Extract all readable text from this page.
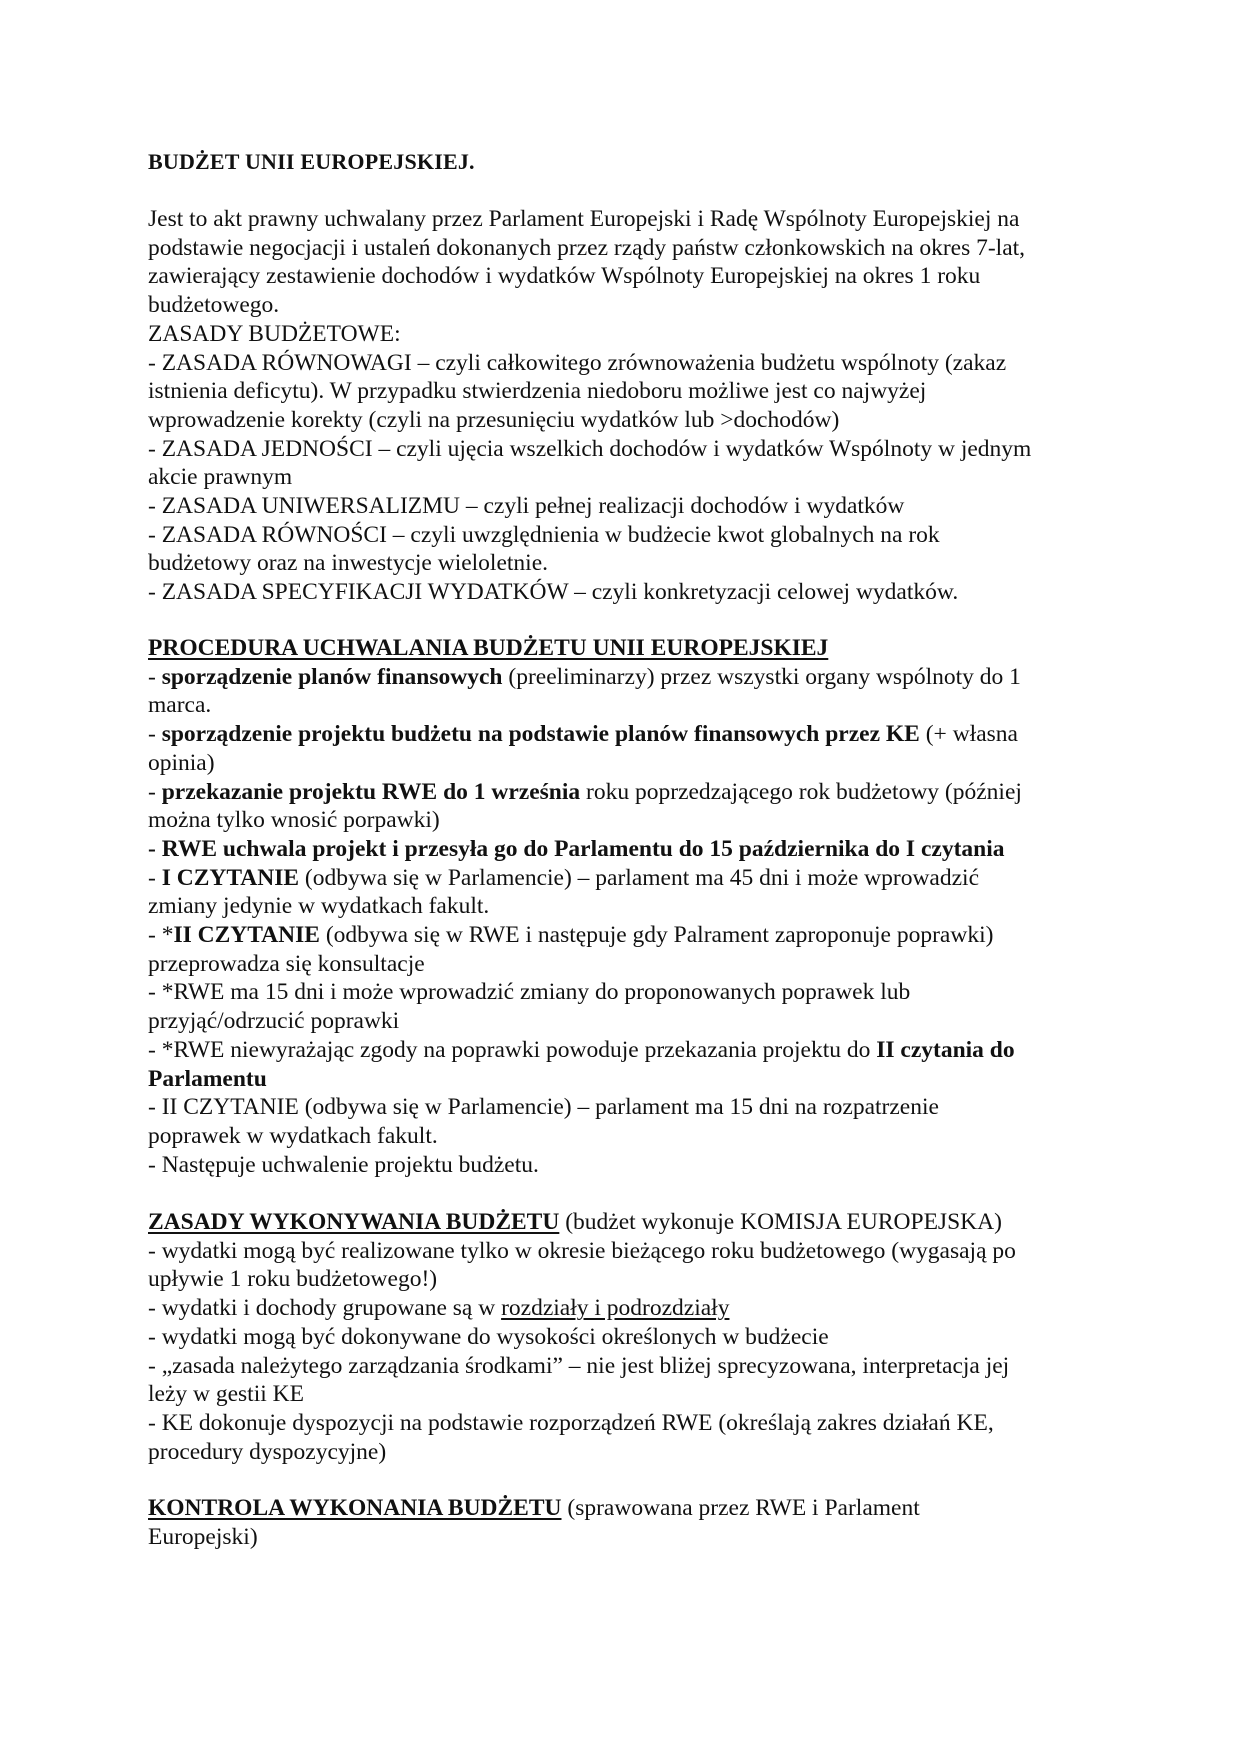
BUDŻET UNII EUROPEJSKIEJ.
Jest to akt prawny uchwalany przez Parlament Europejski i Radę Wspólnoty Europejskiej na
podstawie negocjacji i ustaleń dokonanych przez rządy państw członkowskich na okres 7-lat,
zawierający zestawienie dochodów i wydatków Wspólnoty Europejskiej na okres 1 roku
budżetowego.
ZASADY BUDŻETOWE:
- ZASADA RÓWNOWAGI – czyli całkowitego zrównoważenia budżetu wspólnoty (zakaz
istnienia deficytu). W przypadku stwierdzenia niedoboru możliwe jest co najwyżej
wprowadzenie korekty (czyli na przesunięciu wydatków lub >dochodów)
- ZASADA JEDNOŚCI – czyli ujęcia wszelkich dochodów i wydatków Wspólnoty w jednym
akcie prawnym
- ZASADA UNIWERSALIZMU – czyli pełnej realizacji dochodów i wydatków
- ZASADA RÓWNOŚCI – czyli uwzględnienia w budżecie kwot globalnych na rok
budżetowy oraz na inwestycje wieloletnie.
- ZASADA SPECYFIKACJI WYDATKÓW – czyli konkretyzacji celowej wydatków.
PROCEDURA UCHWALANIA BUDŻETU UNII EUROPEJSKIEJ
- sporządzenie planów finansowych (preeliminarzy) przez wszystki organy wspólnoty do 1
marca.
- sporządzenie projektu budżetu na podstawie planów finansowych przez KE (+ własna
opinia)
- przekazanie projektu RWE do 1 września roku poprzedzającego rok budżetowy (później
można tylko wnosić porpawki)
- RWE uchwala projekt i przesyła go do Parlamentu do 15 października do I czytania
- I CZYTANIE (odbywa się w Parlamencie) – parlament ma 45 dni i może wprowadzić
zmiany jedynie w wydatkach fakult.
- *II CZYTANIE (odbywa się w RWE i następuje gdy Palrament zaproponuje poprawki)
przeprowadza się konsultacje
- *RWE ma 15 dni i może wprowadzić zmiany do proponowanych poprawek lub
przyjąć/odrzucić poprawki
- *RWE niewyrażając zgody na poprawki powoduje przekazania projektu do II czytania do
Parlamentu
- II CZYTANIE (odbywa się w Parlamencie) – parlament ma 15 dni na rozpatrzenie
poprawek w wydatkach fakult.
- Następuje uchwalenie projektu budżetu.
ZASADY WYKONYWANIA BUDŻETU (budżet wykonuje KOMISJA EUROPEJSKA)
- wydatki mogą być realizowane tylko w okresie bieżącego roku budżetowego (wygasają po
upływie 1 roku budżetowego!)
- wydatki i dochody grupowane są w rozdziały i podrozdziały
- wydatki mogą być dokonywane do wysokości określonych w budżecie
- „zasada należytego zarządzania środkami” – nie jest bliżej sprecyzowana, interpretacja jej
leży w gestii KE
- KE dokonuje dyspozycji na podstawie rozporządzeń RWE (określają zakres działań KE,
procedury dyspozycyjne)
KONTROLA WYKONANIA BUDŻETU (sprawowana przez RWE i Parlament
Europejski)
